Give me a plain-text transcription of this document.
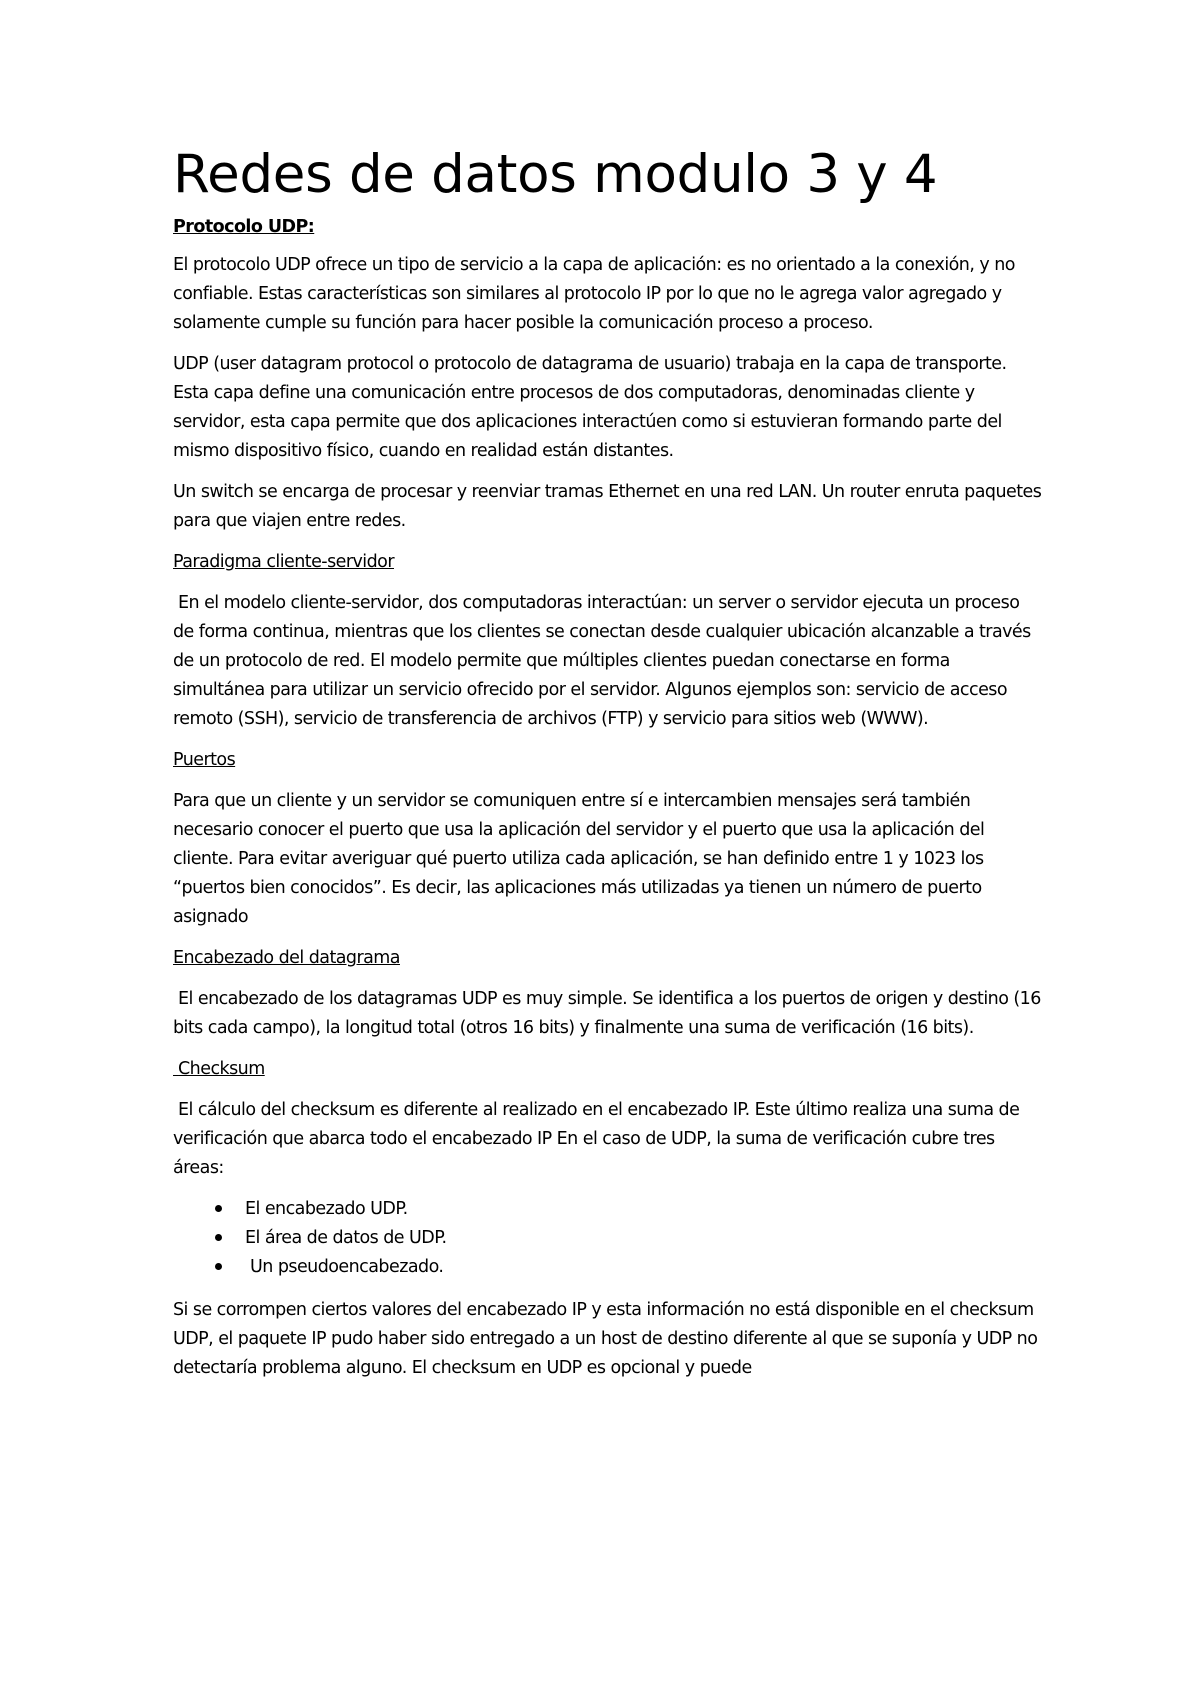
Redes de datos modulo 3 y 4

Protocolo UDP:

El protocolo UDP ofrece un tipo de servicio a la capa de aplicación: es no orientado a la conexión, y no confiable. Estas características son similares al protocolo IP por lo que no le agrega valor agregado y solamente cumple su función para hacer posible la comunicación proceso a proceso.

UDP (user datagram protocol o protocolo de datagrama de usuario) trabaja en la capa de transporte. Esta capa define una comunicación entre procesos de dos computadoras, denominadas cliente y servidor, esta capa permite que dos aplicaciones interactúen como si estuvieran formando parte del mismo dispositivo físico, cuando en realidad están distantes.

Un switch se encarga de procesar y reenviar tramas Ethernet en una red LAN. Un router enruta paquetes para que viajen entre redes.

Paradigma cliente-servidor

En el modelo cliente-servidor, dos computadoras interactúan: un server o servidor ejecuta un proceso de forma continua, mientras que los clientes se conectan desde cualquier ubicación alcanzable a través de un protocolo de red. El modelo permite que múltiples clientes puedan conectarse en forma simultánea para utilizar un servicio ofrecido por el servidor. Algunos ejemplos son: servicio de acceso remoto (SSH), servicio de transferencia de archivos (FTP) y servicio para sitios web (WWW).

Puertos

Para que un cliente y un servidor se comuniquen entre sí e intercambien mensajes será también necesario conocer el puerto que usa la aplicación del servidor y el puerto que usa la aplicación del cliente. Para evitar averiguar qué puerto utiliza cada aplicación, se han definido entre 1 y 1023 los “puertos bien conocidos”. Es decir, las aplicaciones más utilizadas ya tienen un número de puerto asignado

Encabezado del datagrama

El encabezado de los datagramas UDP es muy simple. Se identifica a los puertos de origen y destino (16 bits cada campo), la longitud total (otros 16 bits) y finalmente una suma de verificación (16 bits).

Checksum

El cálculo del checksum es diferente al realizado en el encabezado IP. Este último realiza una suma de verificación que abarca todo el encabezado IP En el caso de UDP, la suma de verificación cubre tres áreas:

El encabezado UDP.
El área de datos de UDP.
Un pseudoencabezado.

Si se corrompen ciertos valores del encabezado IP y esta información no está disponible en el checksum UDP, el paquete IP pudo haber sido entregado a un host de destino diferente al que se suponía y UDP no detectaría problema alguno. El checksum en UDP es opcional y puede
